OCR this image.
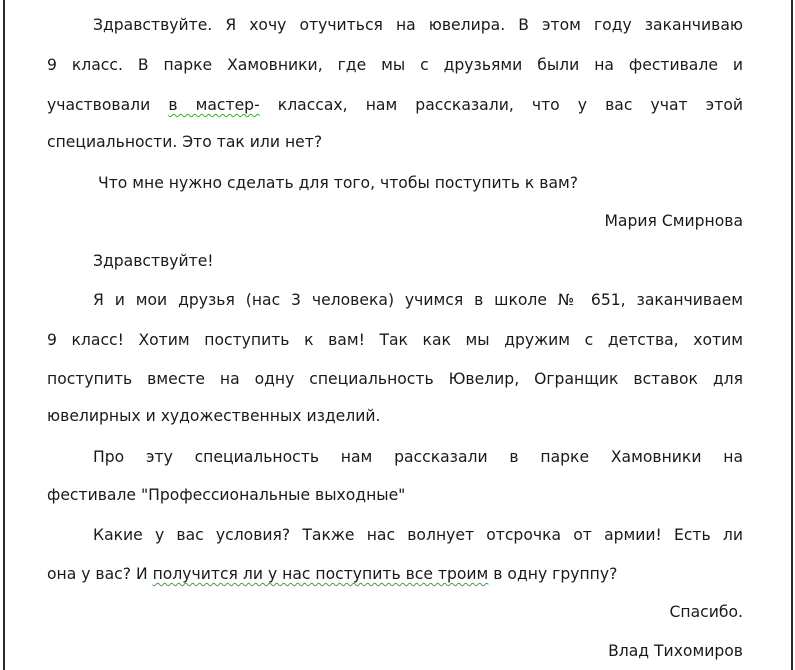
Здравствуйте. Я хочу отучиться на ювелира. В этом году заканчиваю
9 класс. В парке Хамовники, где мы с друзьями были на фестивале и
участвовали в мастер- классах, нам рассказали, что у вас учат этой
специальности. Это так или нет?
Что мне нужно сделать для того, чтобы поступить к вам?
Мария Смирнова
Здравствуйте!
Я и мои друзья (нас 3 человека) учимся в школе № 651, заканчиваем
9 класс! Хотим поступить к вам! Так как мы дружим с детства, хотим
поступить вместе на одну специальность Ювелир, Огранщик вставок для
ювелирных и художественных изделий.
Про эту специальность нам рассказали в парке Хамовники на
фестивале "Профессиональные выходные"
Какие у вас условия? Также нас волнует отсрочка от армии! Есть ли
она у вас? И получится ли у нас поступить все троим в одну группу?
Спасибо.
Влад Тихомиров
